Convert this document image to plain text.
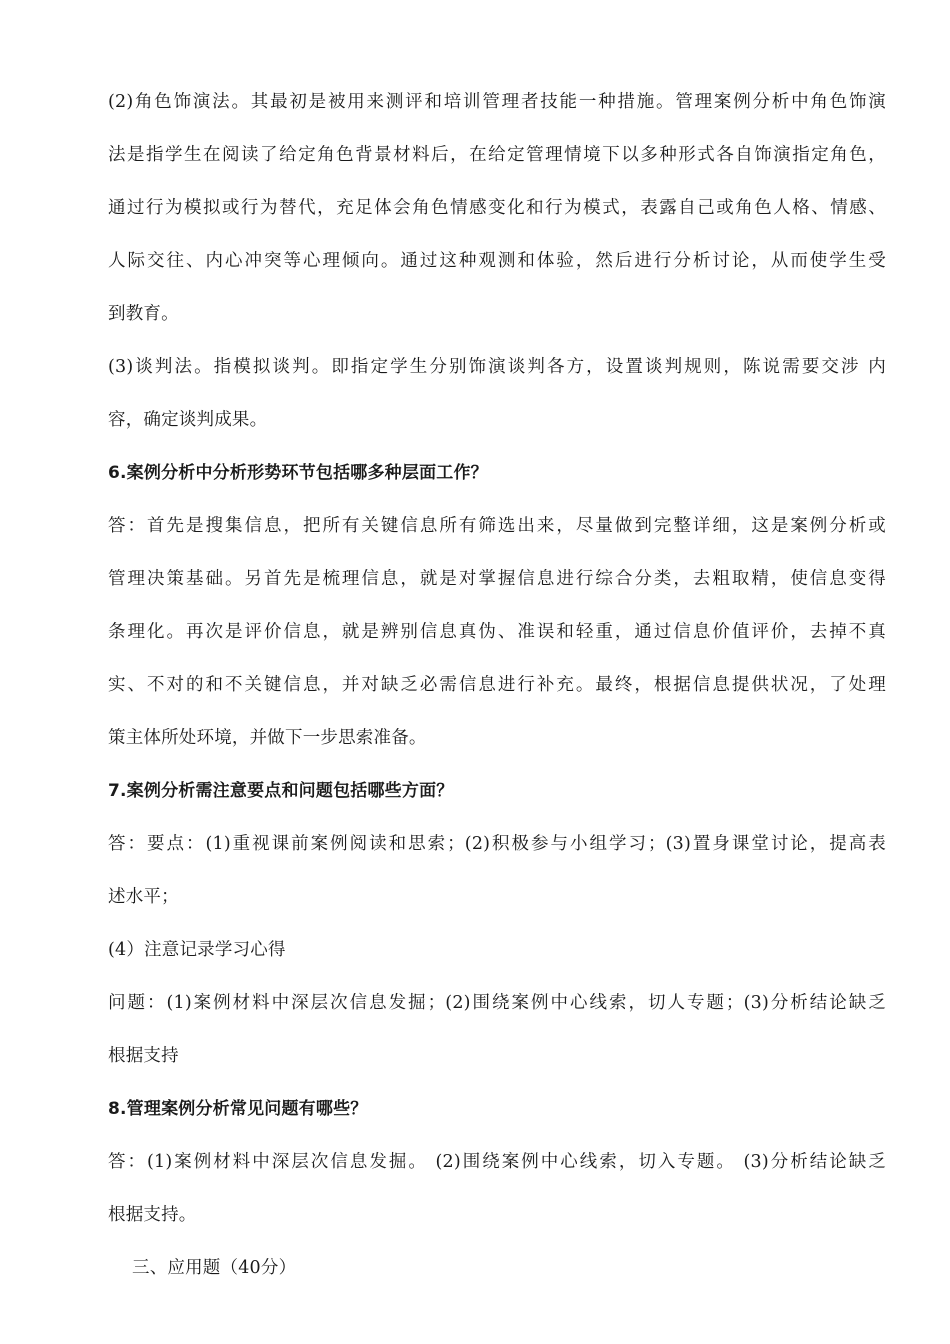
(2)角色饰演法。其最初是被用来测评和培训管理者技能一种措施。管理案例分析中角色饰演
法是指学生在阅读了给定角色背景材料后，在给定管理情境下以多种形式各自饰演指定角色，
通过行为模拟或行为替代，充足体会角色情感变化和行为模式，表露自己或角色人格、情感、
人际交往、内心冲突等心理倾向。通过这种观测和体验，然后进行分析讨论，从而使学生受
到教育。
(3)谈判法。指模拟谈判。即指定学生分别饰演谈判各方，设置谈判规则，陈说需要交涉 内
容，确定谈判成果。
6.案例分析中分析形势环节包括哪多种层面工作？
答：首先是搜集信息，把所有关键信息所有筛选出来，尽量做到完整详细，这是案例分析或
管理决策基础。另首先是梳理信息，就是对掌握信息进行综合分类，去粗取精，使信息变得
条理化。再次是评价信息，就是辨别信息真伪、准误和轻重，通过信息价值评价，去掉不真
实、不对的和不关键信息，并对缺乏必需信息进行补充。最终，根据信息提供状况，了处理
策主体所处环境，并做下一步思索准备。
7.案例分析需注意要点和问题包括哪些方面？
答：要点：(1)重视课前案例阅读和思索；(2)积极参与小组学习；(3)置身课堂讨论，提高表
述水平；
(4）注意记录学习心得
问题：(1)案例材料中深层次信息发掘；(2)围绕案例中心线索，切人专题；(3)分析结论缺乏
根据支持
8.管理案例分析常见问题有哪些？
答：(1)案例材料中深层次信息发掘。 (2)围绕案例中心线索，切入专题。 (3)分析结论缺乏
根据支持。
三、应用题（40分）
